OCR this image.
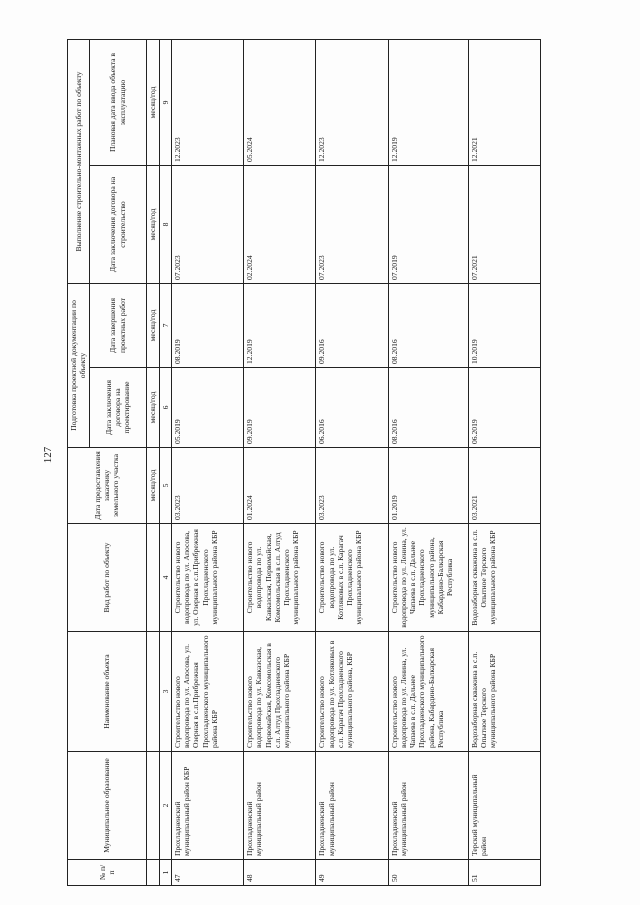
127
№ п/п	Муниципальное образование	Наименование объекта	Вид работ по объекту	Дата предоставления заказчику земельного участка	Подготовка проектной документации по объекту		Выполнение строительно-монтажных работ по объекту	
					Дата заключения договора на проектирование	Дата завершения проектных работ	Дата заключения договора на строительство	Плановая дата ввода объекта в эксплуатацию
				месяц/год	месяц/год	месяц/год	месяц/год	месяц/год
1	2	3	4	5	6	7	8	9
47	Прохладненский муниципальный район КБР	Строительство нового водопровода по ул. Апосова, ул. Озерная в с.п.Прибрежная Прохладненского муниципального района КБР	Строительство нового водопровода по ул. Апосова, ул. Озерная в с.п.Прибрежная Прохладненского муниципального района КБР	03.2023	05.2019	08.2019	07.2023	12.2023
48	Прохладненский муниципальный район	Строительство нового водопровода по ул. Кавказская, Первомайская, Комсомольская в с.п. Алтуд Прохладненского муниципального района КБР	Строительство нового водопровода по ул. Кавказская, Первомайская, Комсомольская в с.п. Алтуд Прохладненского муниципального района КБР	01.2024	09.2019	12.2019	02.2024	05.2024
49	Прохладненский муниципальный район	Строительство нового водопровода по ул. Котляковых в с.п. Карагач Прохладненского муниципального района, КБР	Строительство нового водопровода по ул. Котляковых в с.п. Карагач Прохладненского муниципального района КБР	03.2023	06.2016	09.2016	07.2023	12.2023
50	Прохладненский муниципальный район	Строительство нового водопровода по ул. Ленина, ул. Чапаева в с.п. Дальнее Прохладненского муниципального района, Кабардино-Балкарская Республика	Строительство нового водопровода по ул. Ленина, ул. Чапаева в с.п. Дальнее Прохладненского муниципального района, Кабардино-Балкарская Республика	01.2019	08.2016	08.2016	07.2019	12.2019
51	Терский муниципальный район	Водозаборная скважина в с.п. Опытное Терского муниципального района КБР	Водозаборная скважина в с.п. Опытное Терского муниципального района КБР	03.2021	06.2019	10.2019	07.2021	12.2021
